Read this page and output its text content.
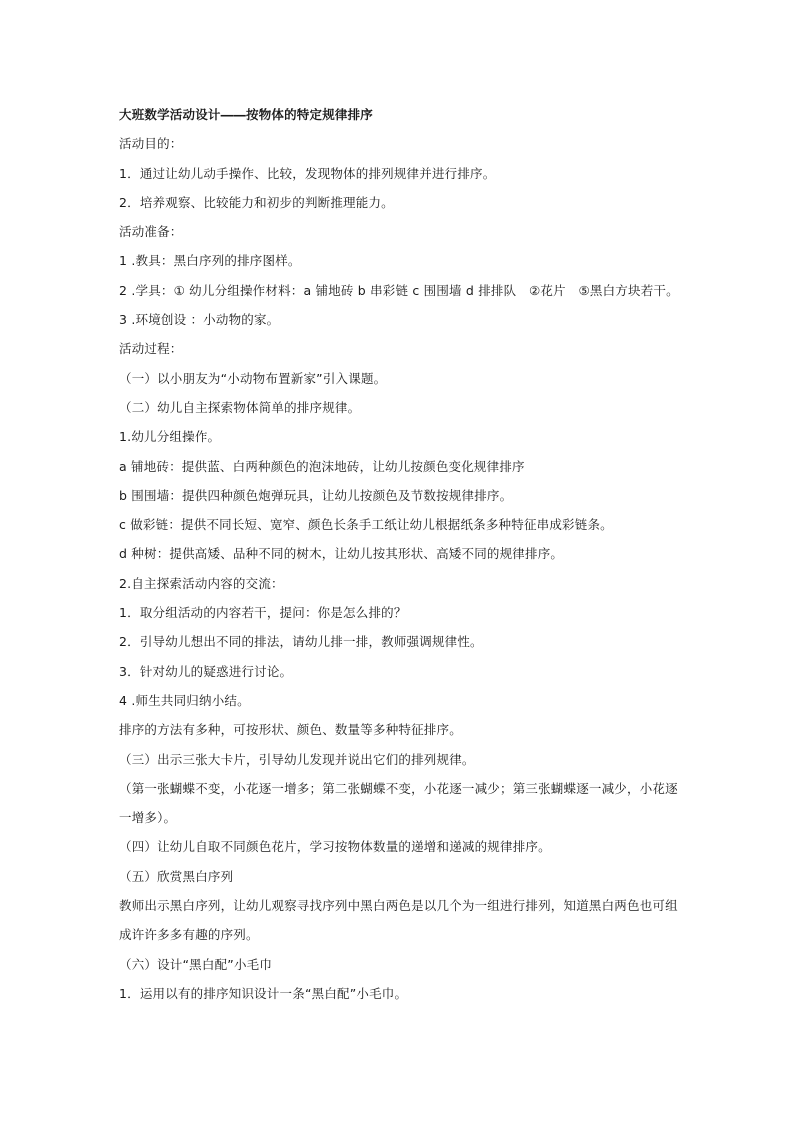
大班数学活动设计――按物体的特定规律排序
活动目的：
1．通过让幼儿动手操作、比较，发现物体的排列规律并进行排序。
2．培养观察、比较能力和初步的判断推理能力。
活动准备：
1 .教具：黑白序列的排序图样。
2 .学具：① 幼儿分组操作材料：a 铺地砖 b 串彩链 c 围围墙 d 排排队　②花片　⑤黑白方块若干。
3 .环境创设 ：小动物的家。
活动过程：
（一）以小朋友为“小动物布置新家”引入课题。
（二）幼儿自主探索物体简单的排序规律。
1.幼儿分组操作。
a 铺地砖：提供蓝、白两种颜色的泡沫地砖，让幼儿按颜色变化规律排序
b 围围墙：提供四种颜色炮弹玩具，让幼儿按颜色及节数按规律排序。
c 做彩链：提供不同长短、宽窄、颜色长条手工纸让幼儿根据纸条多种特征串成彩链条。
d 种树：提供高矮、品种不同的树木，让幼儿按其形状、高矮不同的规律排序。
2.自主探索活动内容的交流：
1．取分组活动的内容若干，提问：你是怎么排的？
2．引导幼儿想出不同的排法，请幼儿排一排，教师强调规律性。
3．针对幼儿的疑惑进行讨论。
4 .师生共同归纳小结。
排序的方法有多种，可按形状、颜色、数量等多种特征排序。
（三）出示三张大卡片，引导幼儿发现并说出它们的排列规律。
（第一张蝴蝶不变，小花逐一增多；第二张蝴蝶不变，小花逐一减少；第三张蝴蝶逐一减少，小花逐一增多）。
（四）让幼儿自取不同颜色花片，学习按物体数量的递增和递减的规律排序。
（五）欣赏黑白序列
教师出示黑白序列，让幼儿观察寻找序列中黑白两色是以几个为一组进行排列，知道黑白两色也可组成许许多多有趣的序列。
（六）设计“黑白配”小毛巾
1．运用以有的排序知识设计一条“黑白配”小毛巾。
